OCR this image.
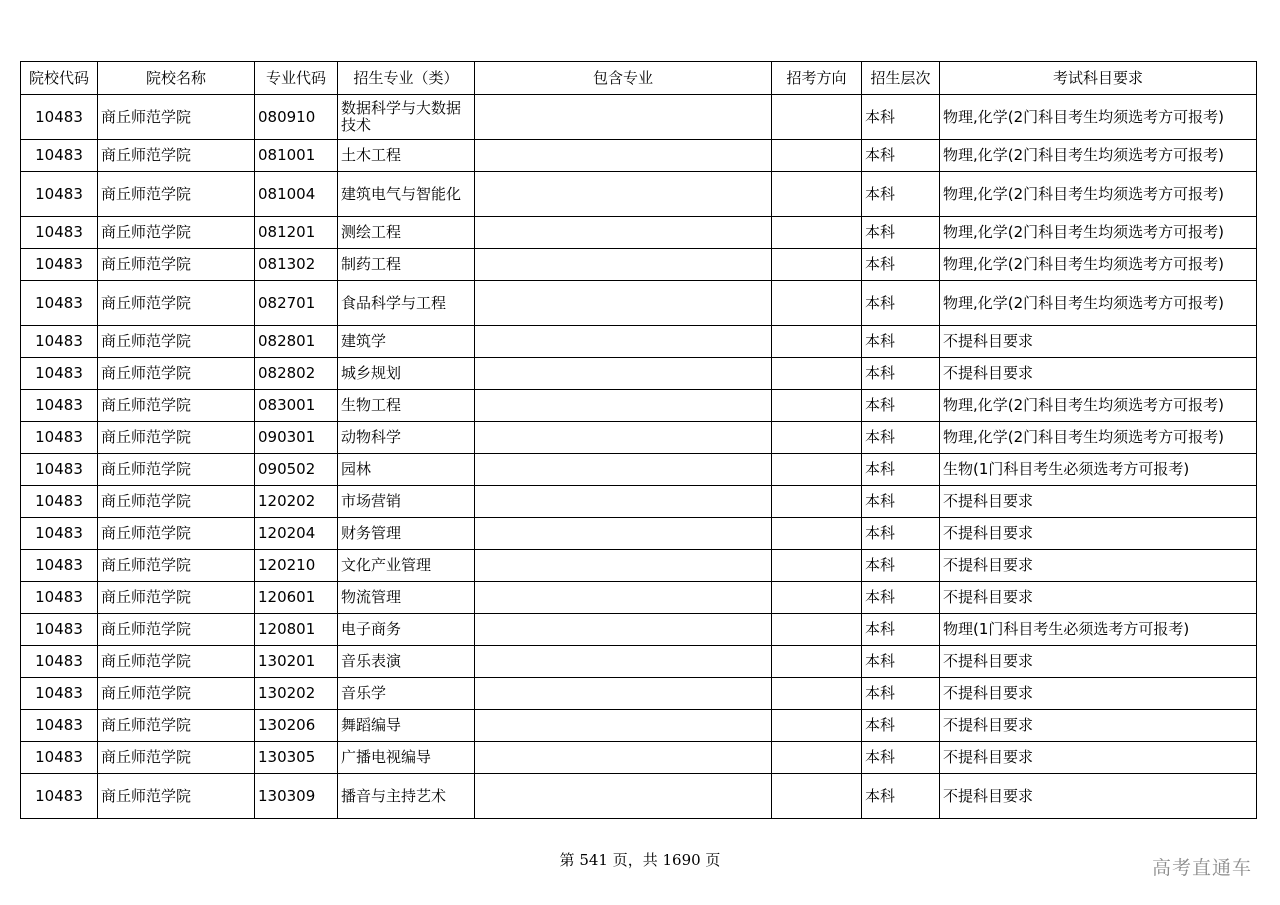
院校代码	院校名称	专业代码	招生专业（类）	包含专业	招考方向	招生层次	考试科目要求
10483	商丘师范学院	080910	数据科学与大数据技术			本科	物理,化学(2门科目考生均须选考方可报考)
10483	商丘师范学院	081001	土木工程			本科	物理,化学(2门科目考生均须选考方可报考)
10483	商丘师范学院	081004	建筑电气与智能化			本科	物理,化学(2门科目考生均须选考方可报考)
10483	商丘师范学院	081201	测绘工程			本科	物理,化学(2门科目考生均须选考方可报考)
10483	商丘师范学院	081302	制药工程			本科	物理,化学(2门科目考生均须选考方可报考)
10483	商丘师范学院	082701	食品科学与工程			本科	物理,化学(2门科目考生均须选考方可报考)
10483	商丘师范学院	082801	建筑学			本科	不提科目要求
10483	商丘师范学院	082802	城乡规划			本科	不提科目要求
10483	商丘师范学院	083001	生物工程			本科	物理,化学(2门科目考生均须选考方可报考)
10483	商丘师范学院	090301	动物科学			本科	物理,化学(2门科目考生均须选考方可报考)
10483	商丘师范学院	090502	园林			本科	生物(1门科目考生必须选考方可报考)
10483	商丘师范学院	120202	市场营销			本科	不提科目要求
10483	商丘师范学院	120204	财务管理			本科	不提科目要求
10483	商丘师范学院	120210	文化产业管理			本科	不提科目要求
10483	商丘师范学院	120601	物流管理			本科	不提科目要求
10483	商丘师范学院	120801	电子商务			本科	物理(1门科目考生必须选考方可报考)
10483	商丘师范学院	130201	音乐表演			本科	不提科目要求
10483	商丘师范学院	130202	音乐学			本科	不提科目要求
10483	商丘师范学院	130206	舞蹈编导			本科	不提科目要求
10483	商丘师范学院	130305	广播电视编导			本科	不提科目要求
10483	商丘师范学院	130309	播音与主持艺术			本科	不提科目要求
第 541 页，共 1690 页	高考直通车
